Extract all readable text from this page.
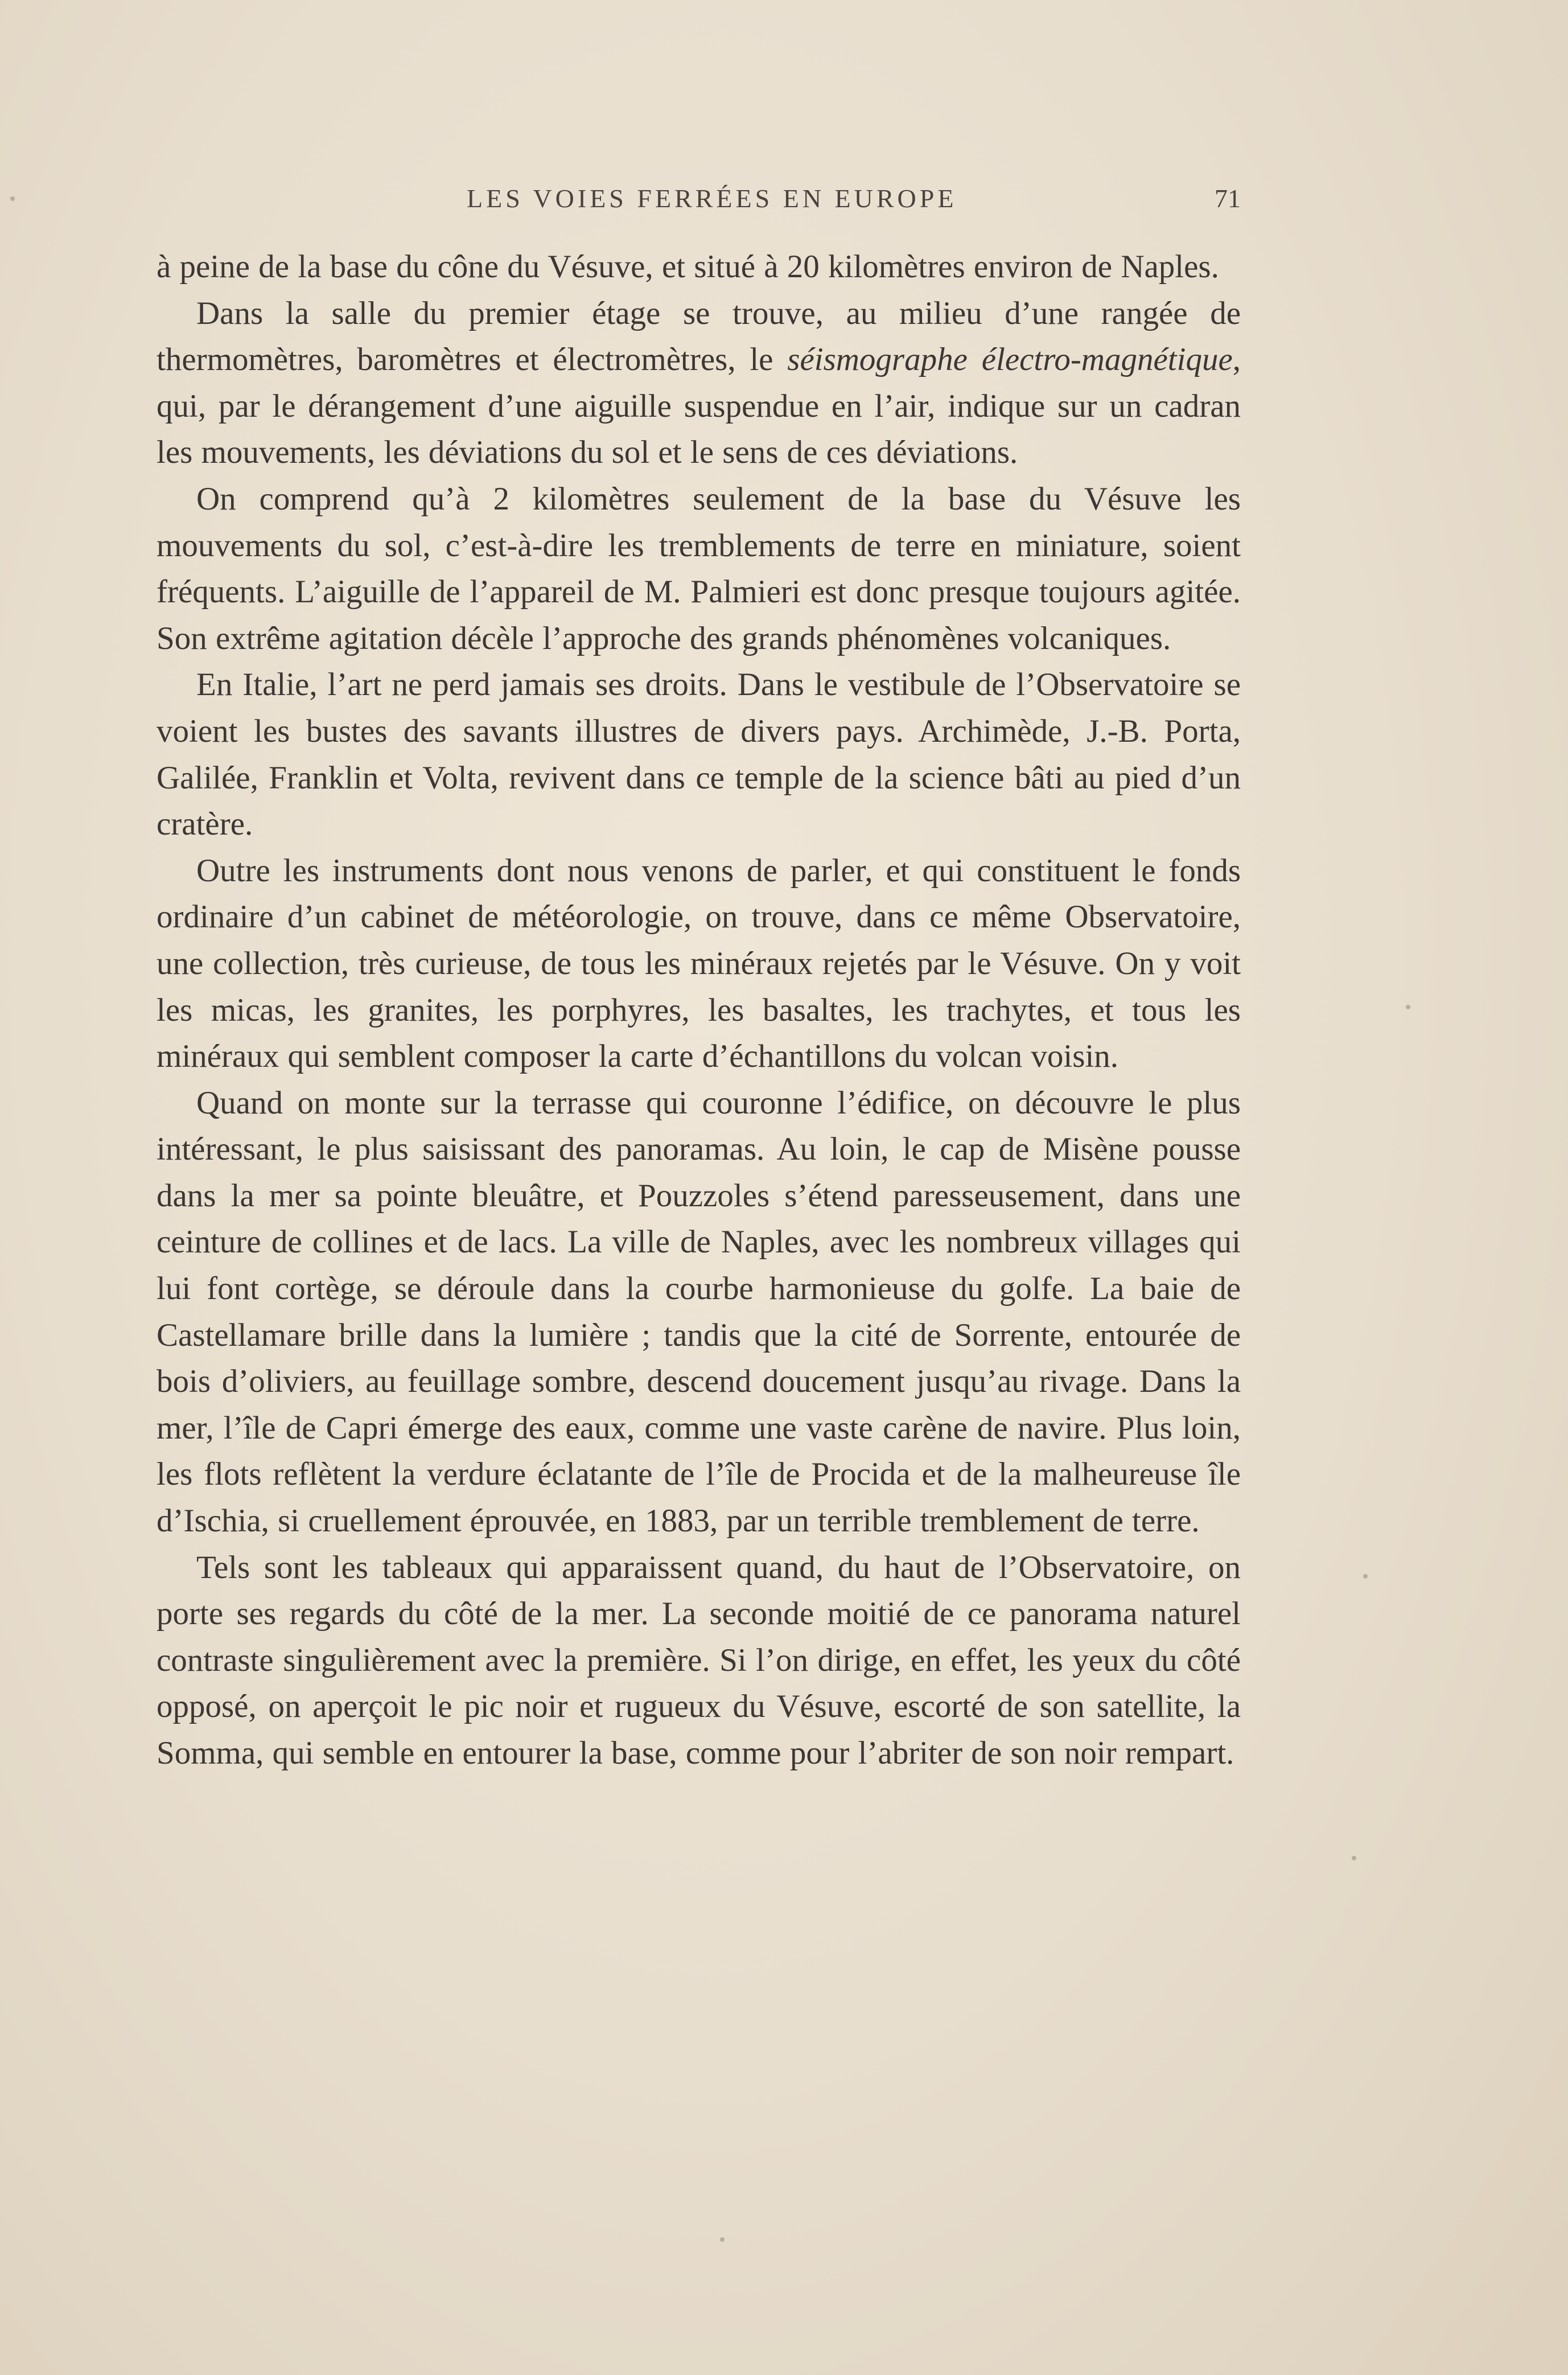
LES VOIES FERRÉES EN EUROPE	71

à peine de la base du cône du Vésuve, et situé à 20 kilomètres environ de Naples.

Dans la salle du premier étage se trouve, au milieu d’une rangée de thermomètres, baromètres et électromètres, le séismographe électro-magnétique, qui, par le dérangement d’une aiguille suspendue en l’air, indique sur un cadran les mouvements, les déviations du sol et le sens de ces déviations.

On comprend qu’à 2 kilomètres seulement de la base du Vésuve les mouvements du sol, c’est-à-dire les tremblements de terre en miniature, soient fréquents. L’aiguille de l’appareil de M. Palmieri est donc presque toujours agitée. Son extrême agitation décèle l’approche des grands phénomènes volcaniques.

En Italie, l’art ne perd jamais ses droits. Dans le vestibule de l’Observatoire se voient les bustes des savants illustres de divers pays. Archimède, J.-B. Porta, Galilée, Franklin et Volta, revivent dans ce temple de la science bâti au pied d’un cratère.

Outre les instruments dont nous venons de parler, et qui constituent le fonds ordinaire d’un cabinet de météorologie, on trouve, dans ce même Observatoire, une collection, très curieuse, de tous les minéraux rejetés par le Vésuve. On y voit les micas, les granites, les porphyres, les basaltes, les trachytes, et tous les minéraux qui semblent composer la carte d’échantillons du volcan voisin.

Quand on monte sur la terrasse qui couronne l’édifice, on découvre le plus intéressant, le plus saisissant des panoramas. Au loin, le cap de Misène pousse dans la mer sa pointe bleuâtre, et Pouzzoles s’étend paresseusement, dans une ceinture de collines et de lacs. La ville de Naples, avec les nombreux villages qui lui font cortège, se déroule dans la courbe harmonieuse du golfe. La baie de Castellamare brille dans la lumière ; tandis que la cité de Sorrente, entourée de bois d’oliviers, au feuillage sombre, descend doucement jusqu’au rivage. Dans la mer, l’île de Capri émerge des eaux, comme une vaste carène de navire. Plus loin, les flots reflètent la verdure éclatante de l’île de Procida et de la malheureuse île d’Ischia, si cruellement éprouvée, en 1883, par un terrible tremblement de terre.

Tels sont les tableaux qui apparaissent quand, du haut de l’Observatoire, on porte ses regards du côté de la mer. La seconde moitié de ce panorama naturel contraste singulièrement avec la première. Si l’on dirige, en effet, les yeux du côté opposé, on aperçoit le pic noir et rugueux du Vésuve, escorté de son satellite, la Somma, qui semble en entourer la base, comme pour l’abriter de son noir rempart.
